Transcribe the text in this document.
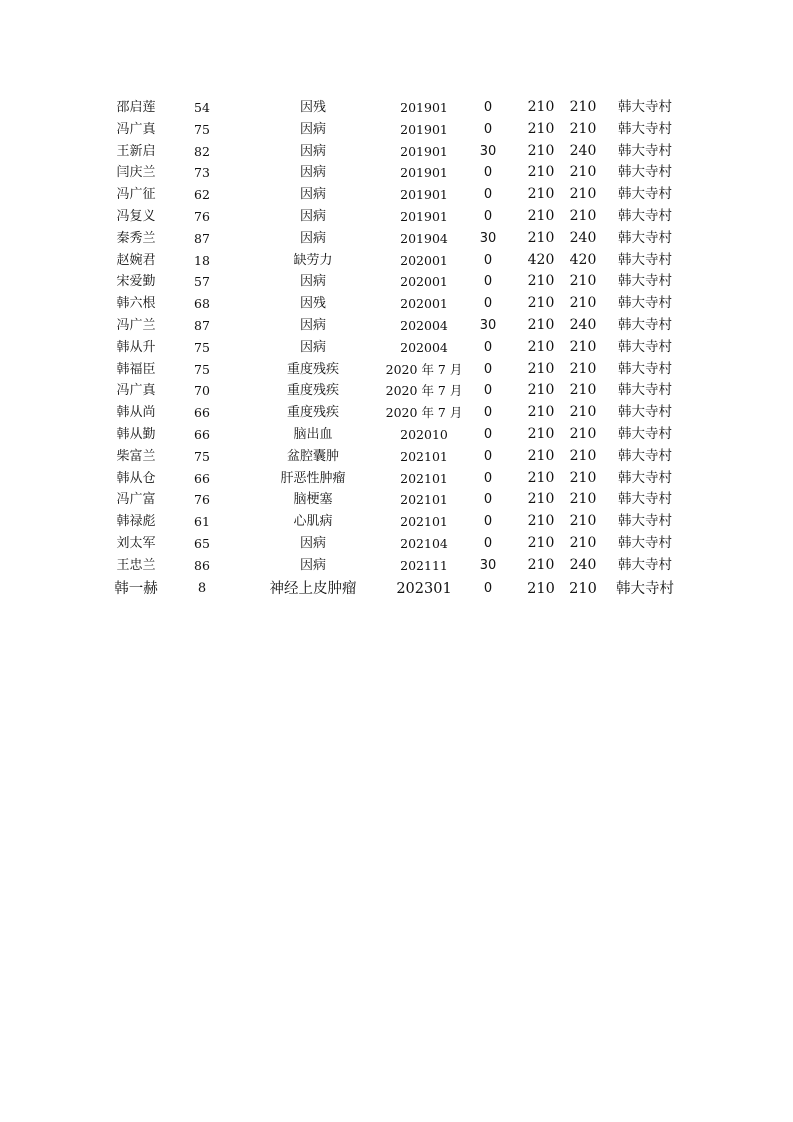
邵启莲	54	因残	201901	0	210 210 韩大寺村
冯广真	75	因病	201901	0	210 210 韩大寺村
王新启	82	因病	201901 30 210 240 韩大寺村
闫庆兰	73	因病	201901	0	210 210 韩大寺村
冯广征	62	因病	201901	0	210 210 韩大寺村
冯复义	76	因病	201901	0	210 210 韩大寺村
秦秀兰	87	因病	201904 30 210 240 韩大寺村
赵婉君	18	缺劳力	202001	0	420 420 韩大寺村
宋爱勤	57	因病	202001	0	210 210 韩大寺村
韩六根	68	因残	202001	0	210 210 韩大寺村
冯广兰	87	因病	202004 30 210 240 韩大寺村
韩从升	75	因病	202004	0	210 210 韩大寺村
韩福臣	75	重度残疾	2020 年 7 月 0	210 210 韩大寺村
冯广真	70	重度残疾	2020 年 7 月 0	210 210 韩大寺村
韩从尚	66	重度残疾	2020 年 7 月 0	210 210 韩大寺村
韩从勤	66	脑出血	202010	0	210 210 韩大寺村
柴富兰	75	盆腔囊肿	202101	0	210 210 韩大寺村
韩从仓	66	肝恶性肿瘤	202101	0	210 210 韩大寺村
冯广富	76	脑梗塞	202101	0	210 210 韩大寺村
韩禄彪	61	心肌病	202101	0	210 210 韩大寺村
刘太军	65	因病	202104	0	210 210 韩大寺村
王忠兰	86	因病	202111 30 210 240 韩大寺村
韩一赫	8	神经上皮肿瘤	202301 0 210 210 韩大寺村
